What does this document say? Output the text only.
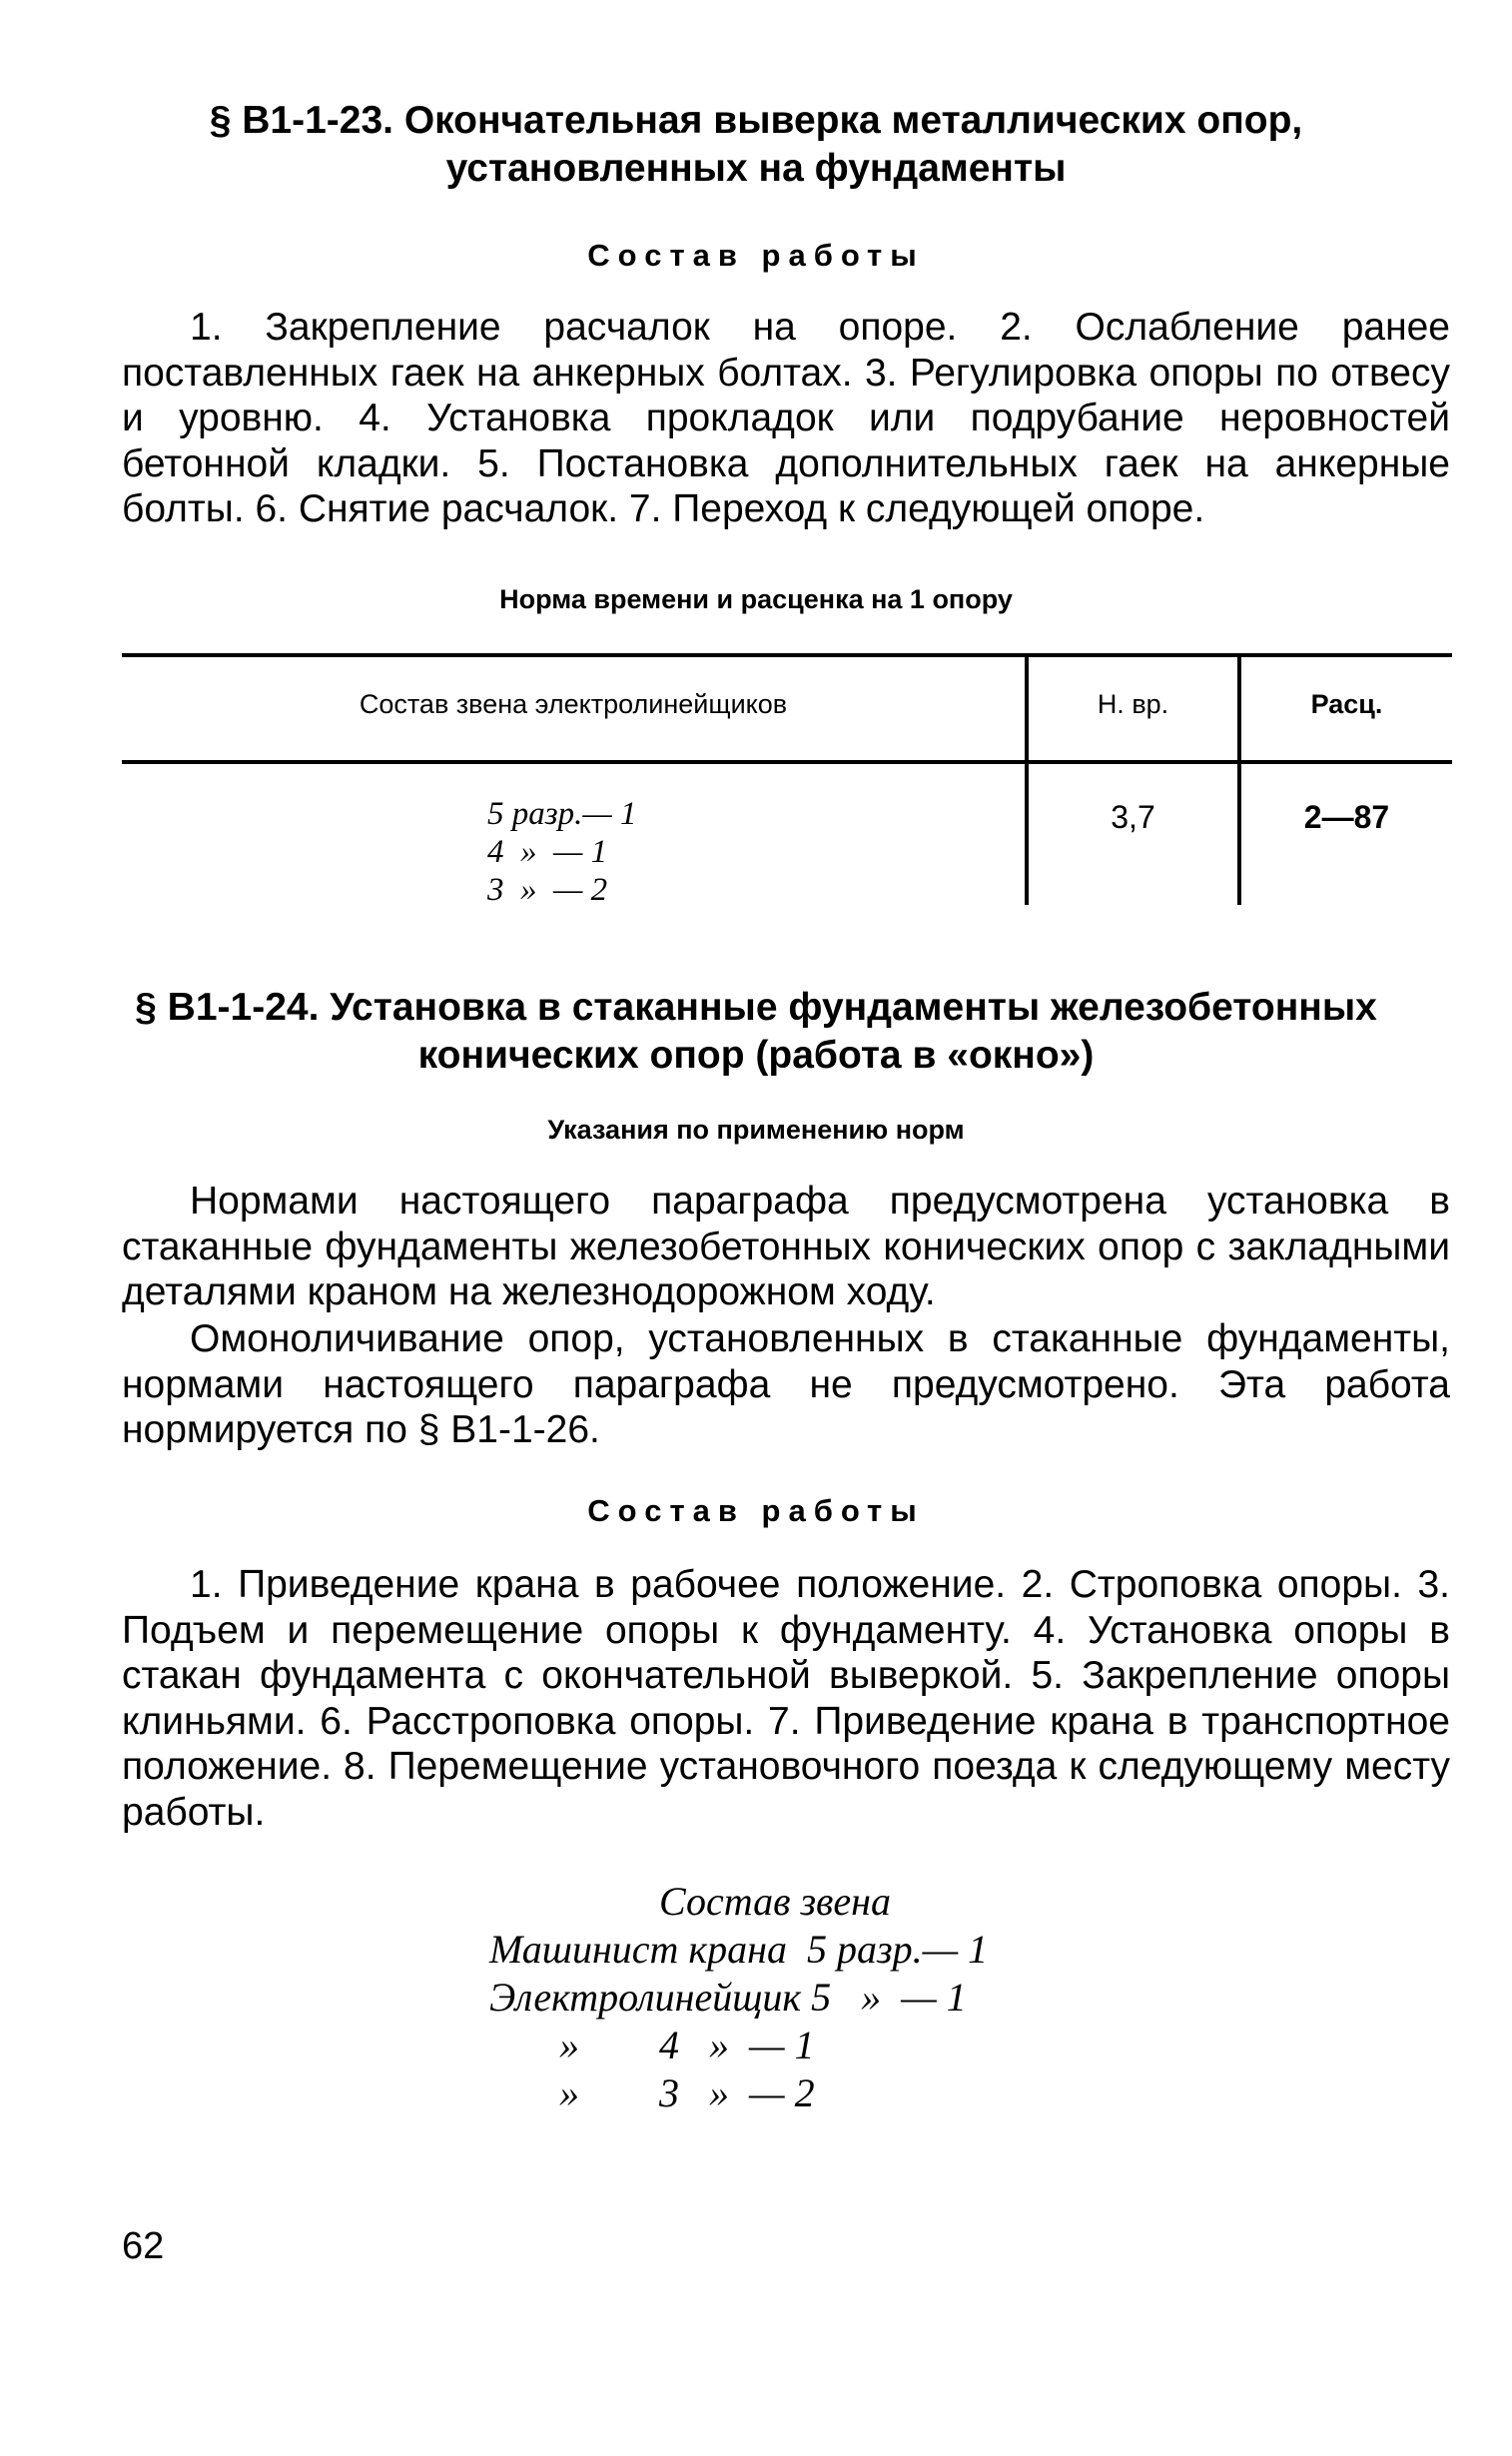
§ В1-1-23. Окончательная выверка металлических опор,
установленных на фундаменты
Состав работы
1. Закрепление расчалок на опоре. 2. Ослабление ранее поставленных гаек на анкерных болтах. 3. Регулировка опоры по отвесу и уровню. 4. Установка прокладок или подрубание неровностей бетонной кладки. 5. Постановка дополнительных гаек на анкерные болты. 6. Снятие расчалок. 7. Переход к следующей опоре.
Норма времени и расценка на 1 опору
Состав звена электролинейщиков	Н. вр.	Расц.
5 разр.— 1
4  »  — 1
3  »  — 2
3,7	2—87
§ В1-1-24. Установка в стаканные фундаменты железобетонных
конических опор (работа в «окно»)
Указания по применению норм
Нормами настоящего параграфа предусмотрена установка в стаканные фундаменты железобетонных конических опор с закладными деталями краном на железнодорожном ходу.
Омоноличивание опор, установленных в стаканные фундаменты, нормами настоящего параграфа не предусмотрено. Эта работа нормируется по § В1-1-26.
Состав работы
1. Приведение крана в рабочее положение. 2. Строповка опоры. 3. Подъем и перемещение опоры к фундаменту. 4. Установка опоры в стакан фундамента с окончательной выверкой. 5. Закрепление опоры клиньями. 6. Расстроповка опоры. 7. Приведение крана в транспортное положение. 8. Перемещение установочного поезда к следующему месту работы.
Состав звена
Машинист крана  5 разр.— 1
Электролинейщик 5   »  — 1
»        4   »  — 1
»        3   »  — 2
62
